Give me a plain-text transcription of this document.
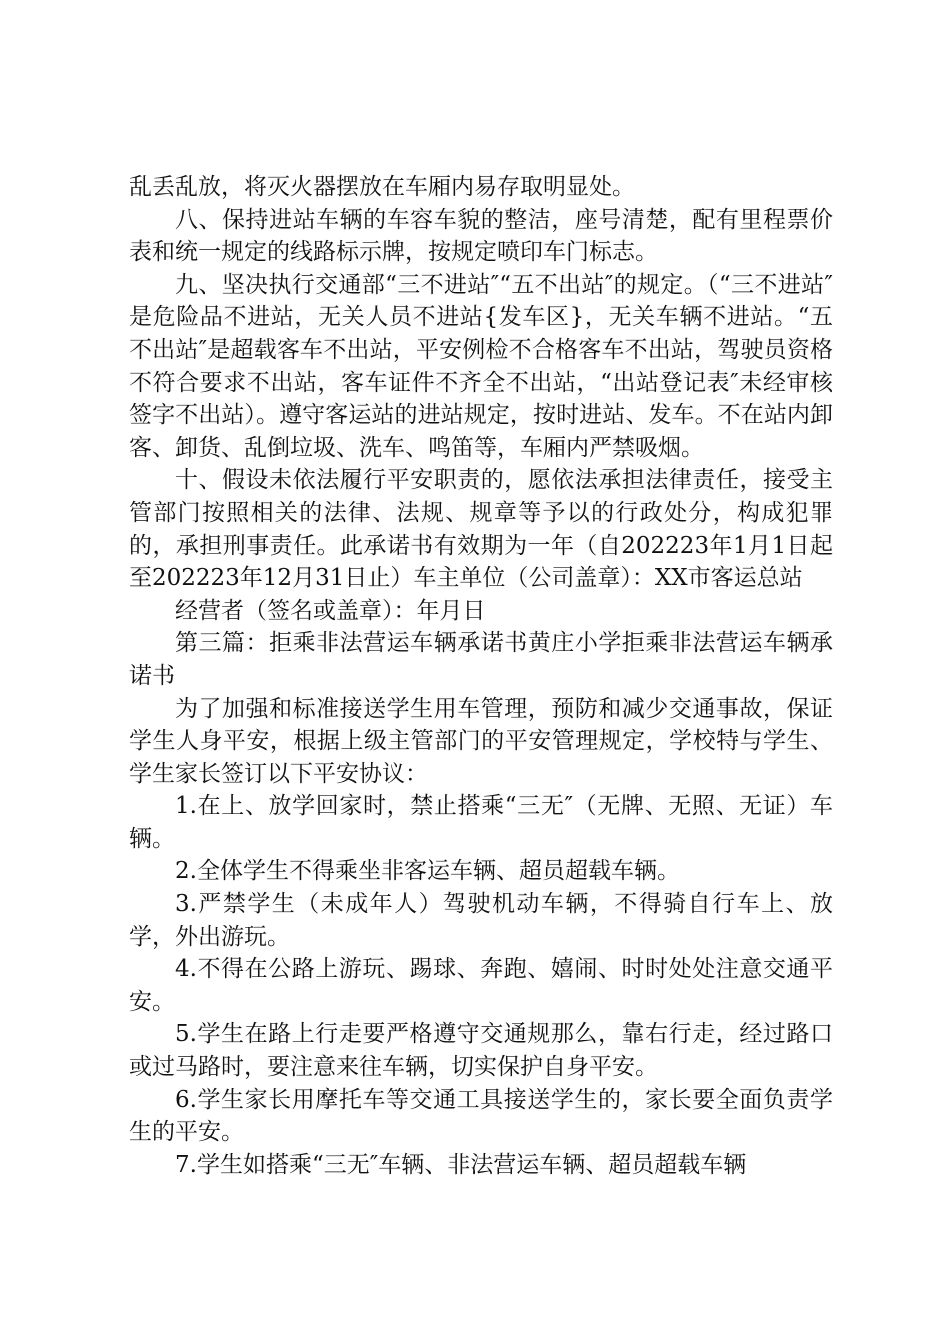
乱丢乱放，将灭火器摆放在车厢内易存取明显处。

八、保持进站车辆的车容车貌的整洁，座号清楚，配有里程票价表和统一规定的线路标示牌，按规定喷印车门标志。

九、坚决执行交通部“三不进站″“五不出站″的规定。（“三不进站″是危险品不进站，无关人员不进站{发车区}，无关车辆不进站。“五不出站″是超载客车不出站，平安例检不合格客车不出站，驾驶员资格不符合要求不出站，客车证件不齐全不出站，“出站登记表″未经审核签字不出站）。遵守客运站的进站规定，按时进站、发车。不在站内卸客、卸货、乱倒垃圾、洗车、鸣笛等，车厢内严禁吸烟。

十、假设未依法履行平安职责的，愿依法承担法律责任，接受主管部门按照相关的法律、法规、规章等予以的行政处分，构成犯罪的，承担刑事责任。此承诺书有效期为一年（自202223年1月1日起至202223年12月31日止）车主单位（公司盖章）：XX市客运总站

经营者（签名或盖章）：年月日

第三篇：拒乘非法营运车辆承诺书黄庄小学拒乘非法营运车辆承诺书

为了加强和标准接送学生用车管理，预防和减少交通事故，保证学生人身平安，根据上级主管部门的平安管理规定，学校特与学生、学生家长签订以下平安协议：

1.在上、放学回家时，禁止搭乘“三无″（无牌、无照、无证）车辆。

2.全体学生不得乘坐非客运车辆、超员超载车辆。

3.严禁学生（未成年人）驾驶机动车辆，不得骑自行车上、放学，外出游玩。

4.不得在公路上游玩、踢球、奔跑、嬉闹、时时处处注意交通平安。

5.学生在路上行走要严格遵守交通规那么，靠右行走，经过路口或过马路时，要注意来往车辆，切实保护自身平安。

6.学生家长用摩托车等交通工具接送学生的，家长要全面负责学生的平安。

7.学生如搭乘“三无″车辆、非法营运车辆、超员超载车辆
